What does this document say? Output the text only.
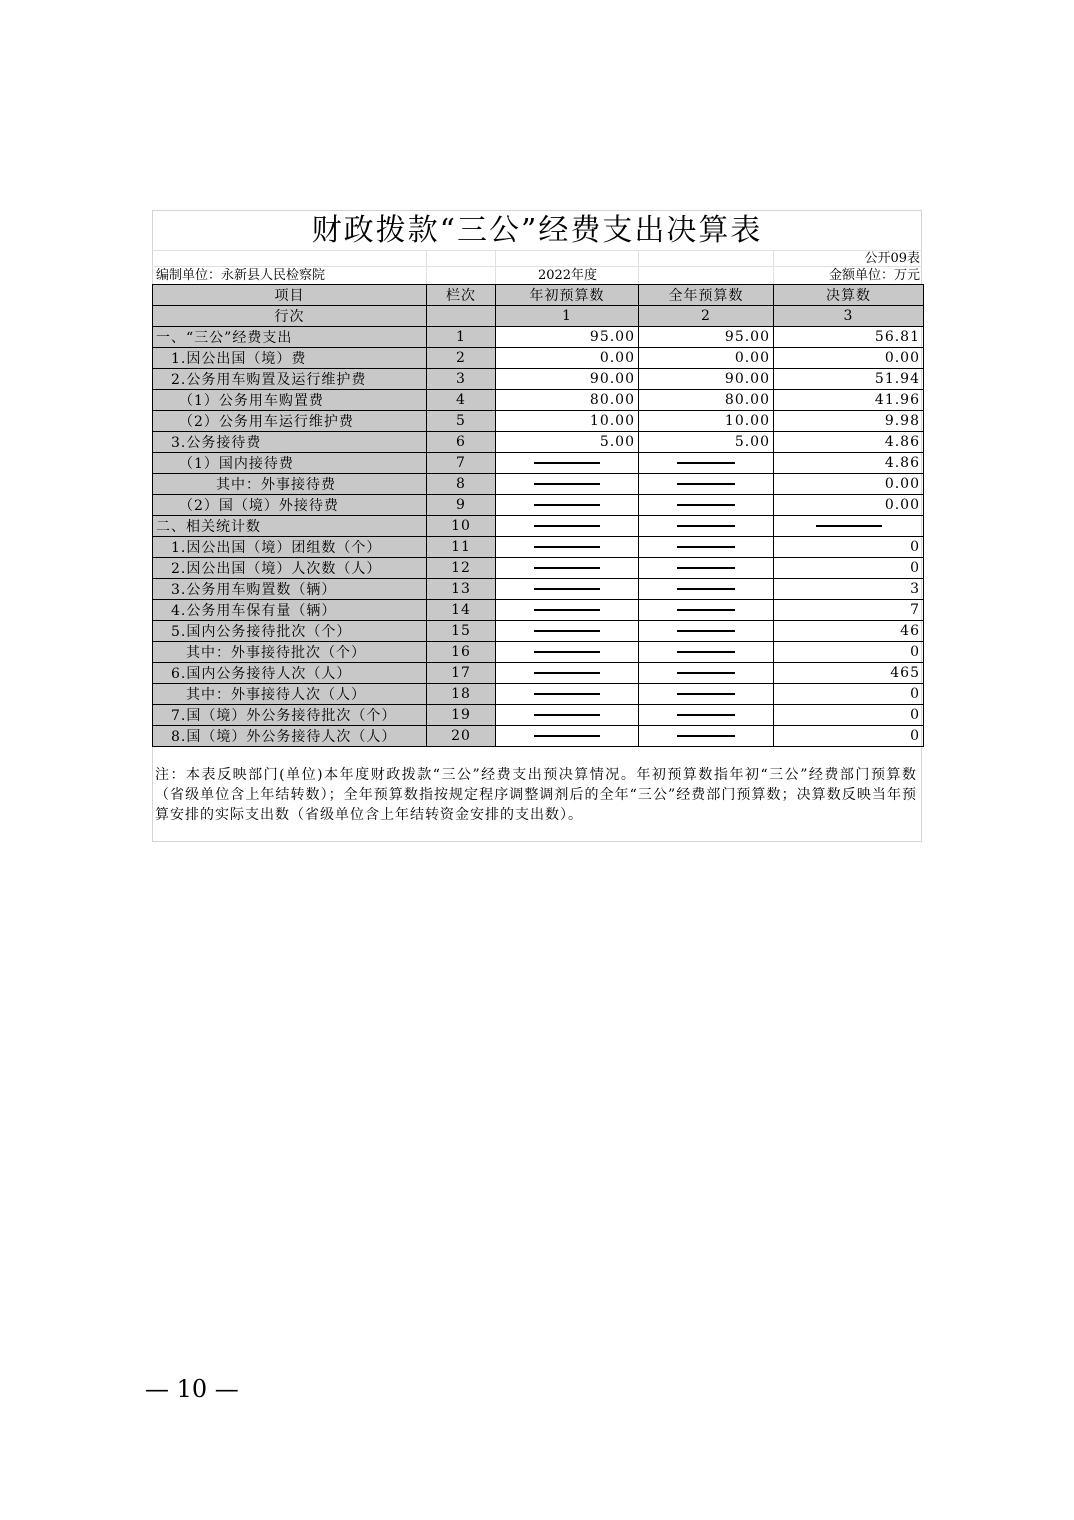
财政拨款“三公”经费支出决算表
公开09表
编制单位：永新县人民检察院	2022年度	金额单位：万元
项目	栏次	年初预算数	全年预算数	决算数
行次		1	2	3
一、“三公”经费支出	1	95.00	95.00	56.81
　1.因公出国（境）费	2	0.00	0.00	0.00
　2.公务用车购置及运行维护费	3	90.00	90.00	51.94
　　（1）公务用车购置费	4	80.00	80.00	41.96
　　（2）公务用车运行维护费	5	10.00	10.00	9.98
　3.公务接待费	6	5.00	5.00	4.86
　　（1）国内接待费	7			4.86
　　　　其中：外事接待费	8			0.00
　　（2）国（境）外接待费	9			0.00
二、相关统计数	10			
　1.因公出国（境）团组数（个）	11			0
　2.因公出国（境）人次数（人）	12			0
　3.公务用车购置数（辆）	13			3
　4.公务用车保有量（辆）	14			7
　5.国内公务接待批次（个）	15			46
　　其中：外事接待批次（个）	16			0
　6.国内公务接待人次（人）	17			465
　　其中：外事接待人次（人）	18			0
　7.国（境）外公务接待批次（个）	19			0
　8.国（境）外公务接待人次（人）	20			0
注：本表反映部门(单位)本年度财政拨款“三公”经费支出预决算情况。年初预算数指年初“三公”经费部门预算数（省级单位含上年结转数）；全年预算数指按规定程序调整调剂后的全年“三公”经费部门预算数；决算数反映当年预算安排的实际支出数（省级单位含上年结转资金安排的支出数）。
— 10 —
